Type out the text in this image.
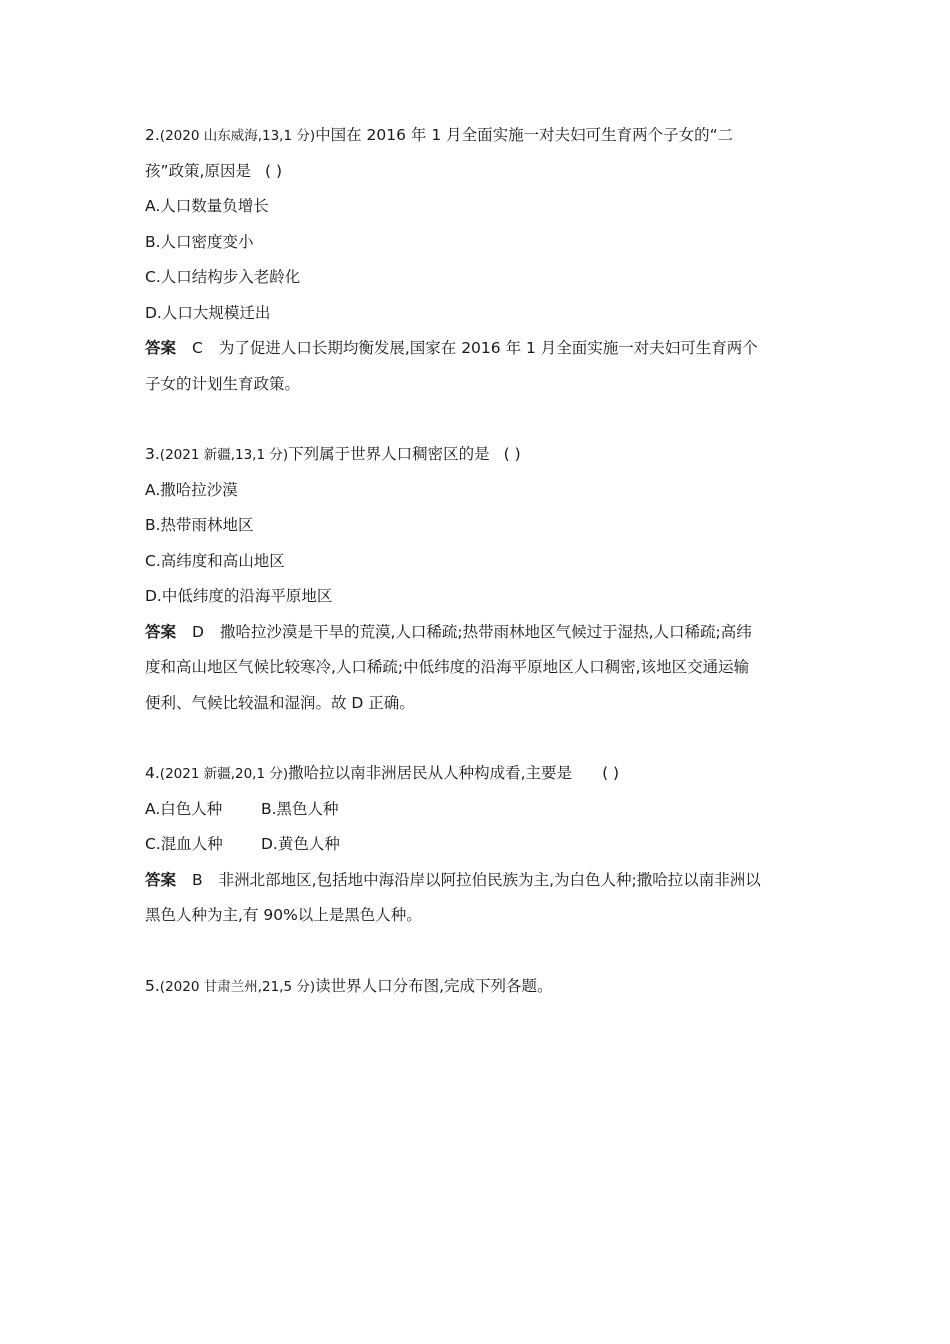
2.(2020 山东威海,13,1 分)中国在 2016 年 1 月全面实施一对夫妇可生育两个子女的“二

孩”政策,原因是 ( )

A.人口数量负增长

B.人口密度变小

C.人口结构步入老龄化

D.人口大规模迁出

答案 C 为了促进人口长期均衡发展,国家在 2016 年 1 月全面实施一对夫妇可生育两个

子女的计划生育政策。

3.(2021 新疆,13,1 分)下列属于世界人口稠密区的是 ( )

A.撒哈拉沙漠

B.热带雨林地区

C.高纬度和高山地区

D.中低纬度的沿海平原地区

答案 D 撒哈拉沙漠是干旱的荒漠,人口稀疏;热带雨林地区气候过于湿热,人口稀疏;高纬

度和高山地区气候比较寒冷,人口稀疏;中低纬度的沿海平原地区人口稠密,该地区交通运输

便利、气候比较温和湿润。故 D 正确。

4.(2021 新疆,20,1 分)撒哈拉以南非洲居民从人种构成看,主要是 ( )

A.白色人种 B.黑色人种

C.混血人种 D.黄色人种

答案 B 非洲北部地区,包括地中海沿岸以阿拉伯民族为主,为白色人种;撒哈拉以南非洲以

黑色人种为主,有 90%以上是黑色人种。

5.(2020 甘肃兰州,21,5 分)读世界人口分布图,完成下列各题。
